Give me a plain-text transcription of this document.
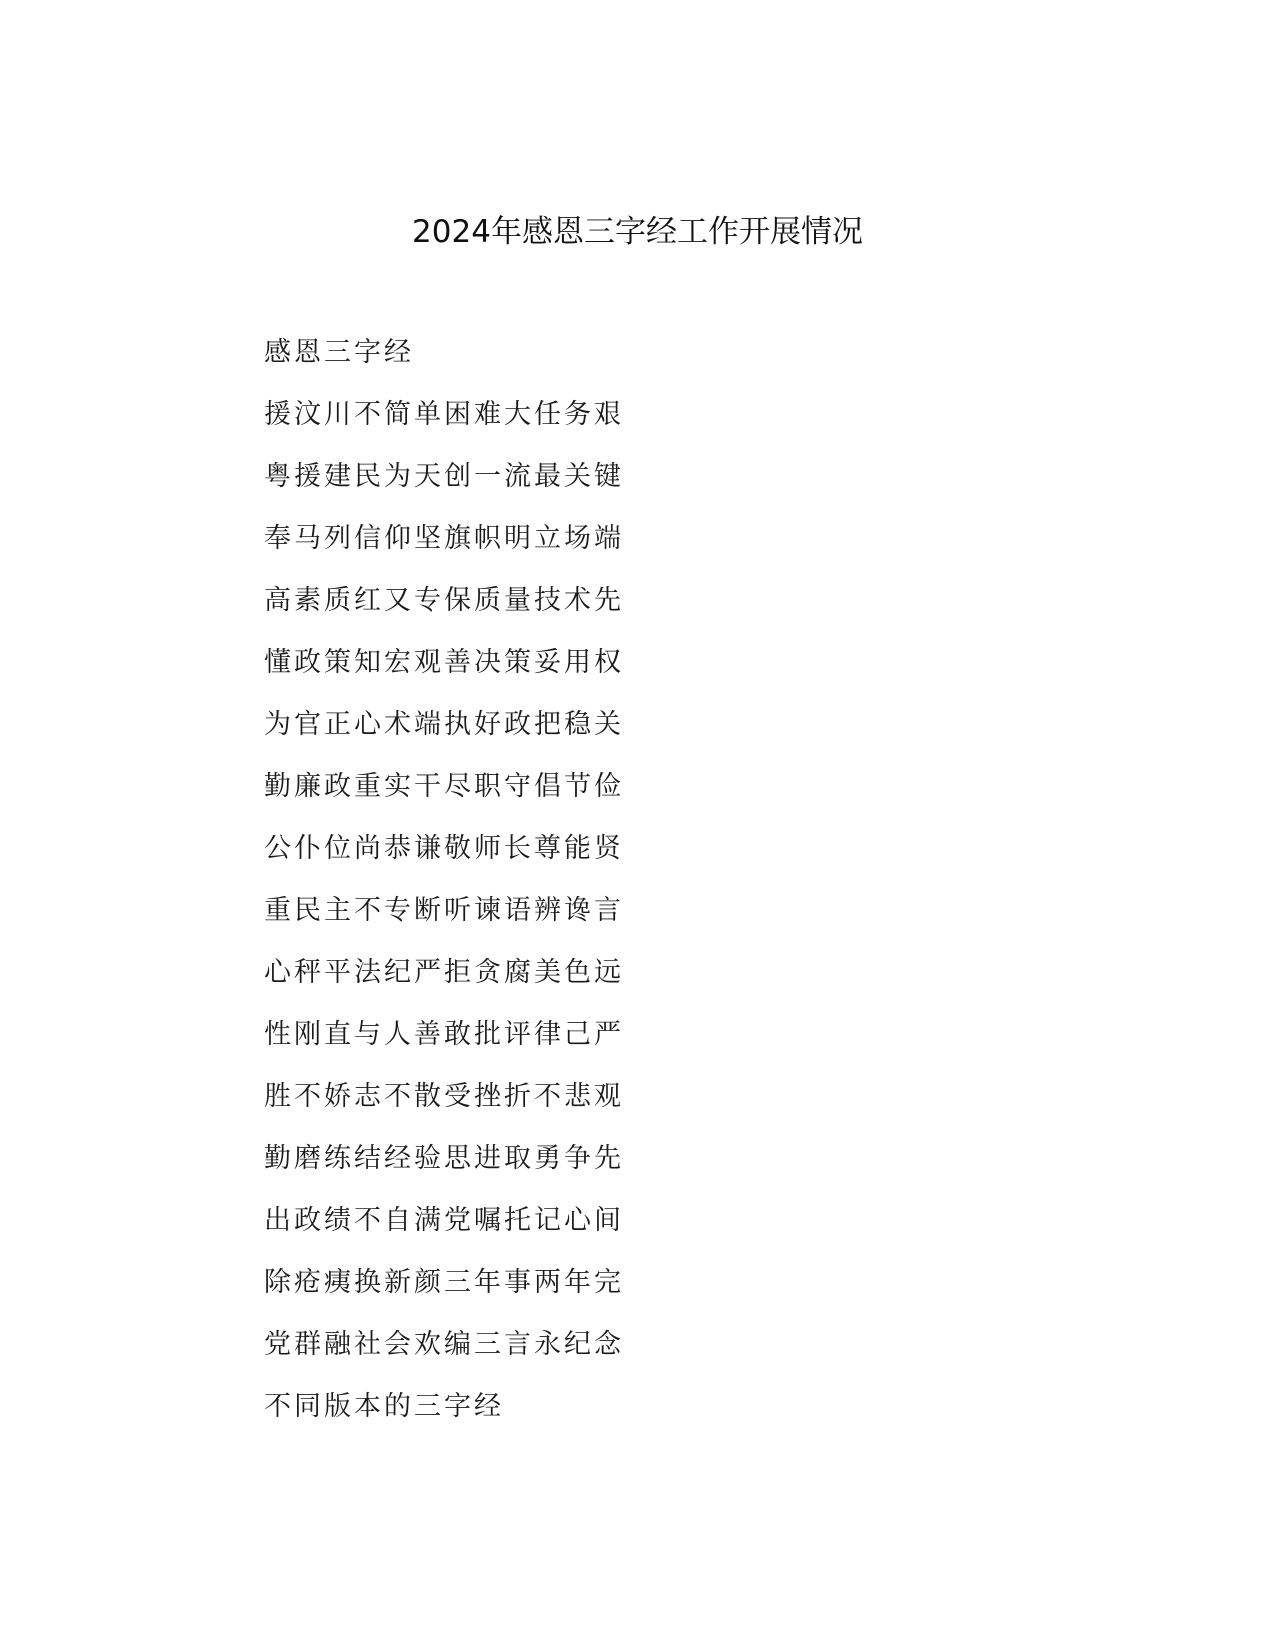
2024年感恩三字经工作开展情况
感恩三字经
援汶川不简单困难大任务艰
粤援建民为天创一流最关键
奉马列信仰坚旗帜明立场端
高素质红又专保质量技术先
懂政策知宏观善决策妥用权
为官正心术端执好政把稳关
勤廉政重实干尽职守倡节俭
公仆位尚恭谦敬师长尊能贤
重民主不专断听谏语辨谗言
心秤平法纪严拒贪腐美色远
性刚直与人善敢批评律己严
胜不娇志不散受挫折不悲观
勤磨练结经验思进取勇争先
出政绩不自满党嘱托记心间
除疮痍换新颜三年事两年完
党群融社会欢编三言永纪念
不同版本的三字经
